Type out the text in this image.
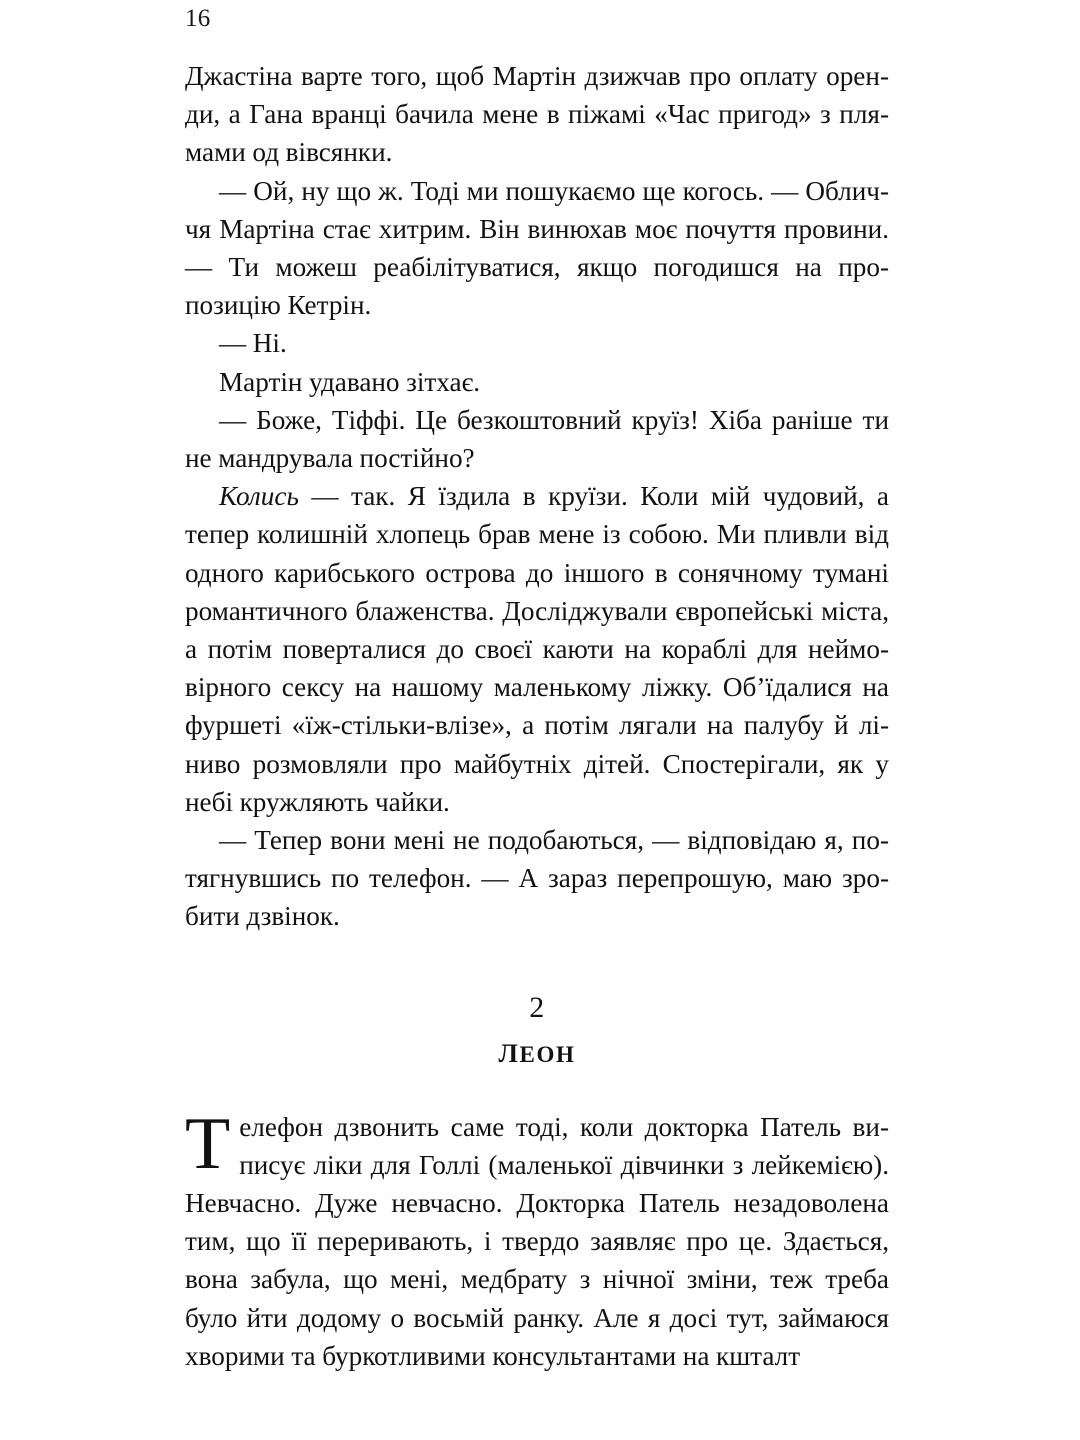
16

Джастіна варте того, щоб Мартін дзижчав про оплату оренди, а Гана вранці бачила мене в піжамі «Час пригод» з плямами од вівсянки.

— Ой, ну що ж. Тоді ми пошукаємо ще когось. — Обличчя Мартіна стає хитрим. Він винюхав моє почуття провини. — Ти можеш реабілітуватися, якщо погодишся на пропозицію Кетрін.

— Ні.

Мартін удавано зітхає.

— Боже, Тіффі. Це безкоштовний круїз! Хіба раніше ти не мандрувала постійно?

Колись — так. Я їздила в круїзи. Коли мій чудовий, а тепер колишній хлопець брав мене із собою. Ми пливли від одного карибського острова до іншого в сонячному тумані романтичного блаженства. Досліджували європейські міста, а потім поверталися до своєї каюти на кораблі для неймовірного сексу на нашому маленькому ліжку. Об’їдалися на фуршеті «їж-стільки-влізе», а потім лягали на палубу й ліниво розмовляли про майбутніх дітей. Спостерігали, як у небі кружляють чайки.

— Тепер вони мені не подобаються, — відповідаю я, потягнувшись по телефон. — А зараз перепрошую, маю зробити дзвінок.

2
ЛЕОН

Телефон дзвонить саме тоді, коли докторка Патель виписує ліки для Голлі (маленької дівчинки з лейкемією). Невчасно. Дуже невчасно. Докторка Патель незадоволена тим, що її переривають, і твердо заявляє про це. Здається, вона забула, що мені, медбрату з нічної зміни, теж треба було йти додому о восьмій ранку. Але я досі тут, займаюся хворими та буркотливими консультантами на кшталт
